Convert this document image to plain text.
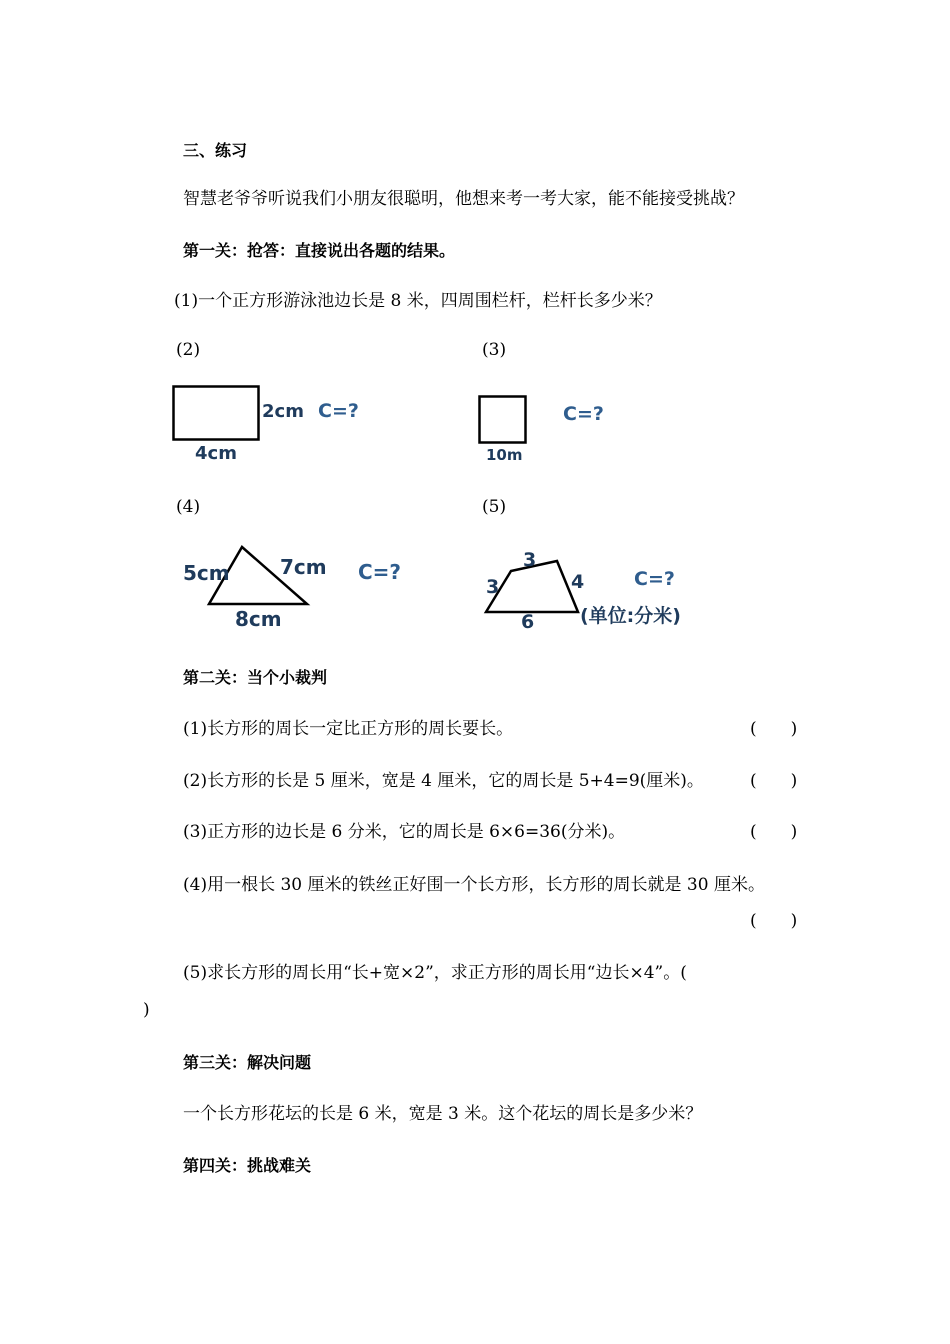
三、练习
智慧老爷爷听说我们小朋友很聪明，他想来考一考大家，能不能接受挑战？
第一关：抢答：直接说出各题的结果。
(1)一个正方形游泳池边长是 8 米，四周围栏杆，栏杆长多少米？
(2)	(3)
2cm C=?
4cm
C=?
10m
(4)	(5)
5cm	7cm C=?
8cm
3
3	4	C=?
6 (单位:分米)
第二关：当个小裁判
(1)长方形的周长一定比正方形的周长要长。	(　　)
(2)长方形的长是 5 厘米，宽是 4 厘米，它的周长是 5+4=9(厘米)。	(　　)
(3)正方形的边长是 6 分米，它的周长是 6×6=36(分米)。	(　　)
(4)用一根长 30 厘米的铁丝正好围一个长方形，长方形的周长就是 30 厘米。
(　　)
(5)求长方形的周长用“长+宽×2”，求正方形的周长用“边长×4”。(
)
第三关：解决问题
一个长方形花坛的长是 6 米，宽是 3 米。这个花坛的周长是多少米？
第四关：挑战难关
